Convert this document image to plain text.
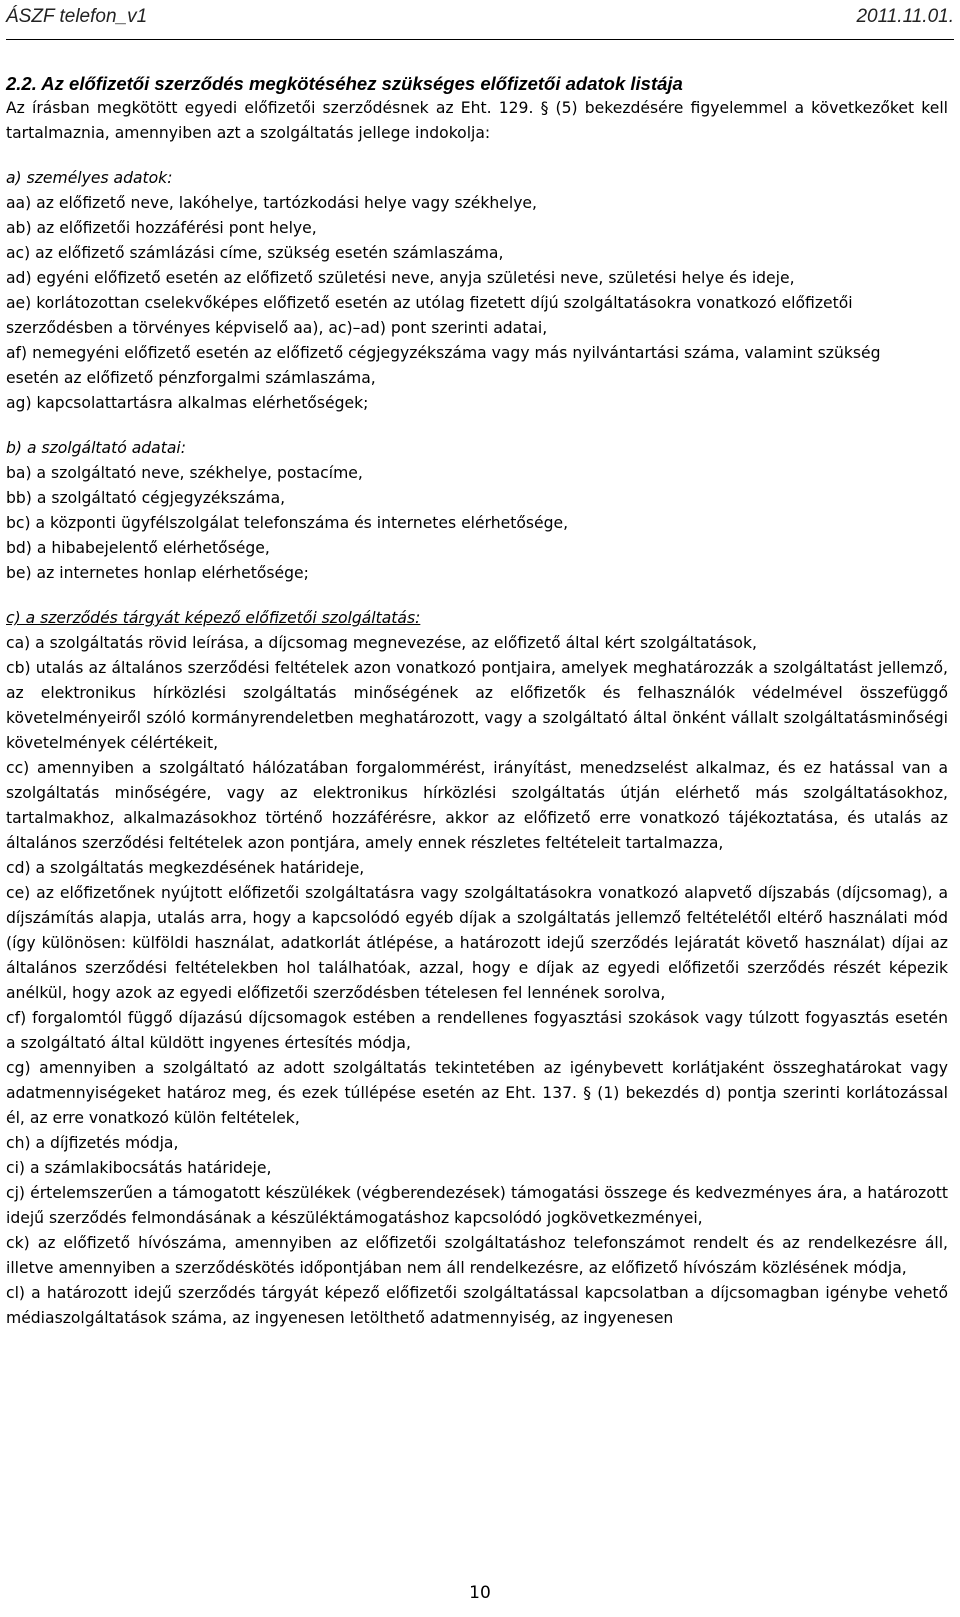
ÁSZF telefon_v1	2011.11.01.

2.2. Az előfizetői szerződés megkötéséhez szükséges előfizetői adatok listája

Az írásban megkötött egyedi előfizetői szerződésnek az Eht. 129. § (5) bekezdésére figyelemmel a következőket kell tartalmaznia, amennyiben azt a szolgáltatás jellege indokolja:

a) személyes adatok:

aa) az előfizető neve, lakóhelye, tartózkodási helye vagy székhelye,

ab) az előfizetői hozzáférési pont helye,

ac) az előfizető számlázási címe, szükség esetén számlaszáma,

ad) egyéni előfizető esetén az előfizető születési neve, anyja születési neve, születési helye és ideje,

ae) korlátozottan cselekvőképes előfizető esetén az utólag fizetett díjú szolgáltatásokra vonatkozó előfizetői

szerződésben a törvényes képviselő aa), ac)–ad) pont szerinti adatai,

af) nemegyéni előfizető esetén az előfizető cégjegyzékszáma vagy más nyilvántartási száma, valamint szükség

esetén az előfizető pénzforgalmi számlaszáma,

ag) kapcsolattartásra alkalmas elérhetőségek;

b) a szolgáltató adatai:

ba) a szolgáltató neve, székhelye, postacíme,

bb) a szolgáltató cégjegyzékszáma,

bc) a központi ügyfélszolgálat telefonszáma és internetes elérhetősége,

bd) a hibabejelentő elérhetősége,

be) az internetes honlap elérhetősége;

c) a szerződés tárgyát képező előfizetői szolgáltatás:

ca) a szolgáltatás rövid leírása, a díjcsomag megnevezése, az előfizető által kért szolgáltatások,

cb) utalás az általános szerződési feltételek azon vonatkozó pontjaira, amelyek meghatározzák a szolgáltatást jellemző, az elektronikus hírközlési szolgáltatás minőségének az előfizetők és felhasználók védelmével összefüggő követelményeiről szóló kormányrendeletben meghatározott, vagy a szolgáltató által önként vállalt szolgáltatásminőségi követelmények célértékeit,

cc) amennyiben a szolgáltató hálózatában forgalommérést, irányítást, menedzselést alkalmaz, és ez hatással van a szolgáltatás minőségére, vagy az elektronikus hírközlési szolgáltatás útján elérhető más szolgáltatásokhoz, tartalmakhoz, alkalmazásokhoz történő hozzáférésre, akkor az előfizető erre vonatkozó tájékoztatása, és utalás az általános szerződési feltételek azon pontjára, amely ennek részletes feltételeit tartalmazza,

cd) a szolgáltatás megkezdésének határideje,

ce) az előfizetőnek nyújtott előfizetői szolgáltatásra vagy szolgáltatásokra vonatkozó alapvető díjszabás (díjcsomag), a díjszámítás alapja, utalás arra, hogy a kapcsolódó egyéb díjak a szolgáltatás jellemző feltételétől eltérő használati mód (így különösen: külföldi használat, adatkorlát átlépése, a határozott idejű szerződés lejáratát követő használat) díjai az általános szerződési feltételekben hol találhatóak, azzal, hogy e díjak az egyedi előfizetői szerződés részét képezik anélkül, hogy azok az egyedi előfizetői szerződésben tételesen fel lennének sorolva,

cf) forgalomtól függő díjazású díjcsomagok estében a rendellenes fogyasztási szokások vagy túlzott fogyasztás esetén a szolgáltató által küldött ingyenes értesítés módja,

cg) amennyiben a szolgáltató az adott szolgáltatás tekintetében az igénybevett korlátjaként összeghatárokat vagy adatmennyiségeket határoz meg, és ezek túllépése esetén az Eht. 137. § (1) bekezdés d) pontja szerinti korlátozással él, az erre vonatkozó külön feltételek,

ch) a díjfizetés módja,

ci) a számlakibocsátás határideje,

cj) értelemszerűen a támogatott készülékek (végberendezések) támogatási összege és kedvezményes ára, a határozott idejű szerződés felmondásának a készüléktámogatáshoz kapcsolódó jogkövetkezményei,

ck) az előfizető hívószáma, amennyiben az előfizetői szolgáltatáshoz telefonszámot rendelt és az rendelkezésre áll, illetve amennyiben a szerződéskötés időpontjában nem áll rendelkezésre, az előfizető hívószám közlésének módja,

cl) a határozott idejű szerződés tárgyát képező előfizetői szolgáltatással kapcsolatban a díjcsomagban igénybe vehető médiaszolgáltatások száma, az ingyenesen letölthető adatmennyiség, az ingyenesen

10
